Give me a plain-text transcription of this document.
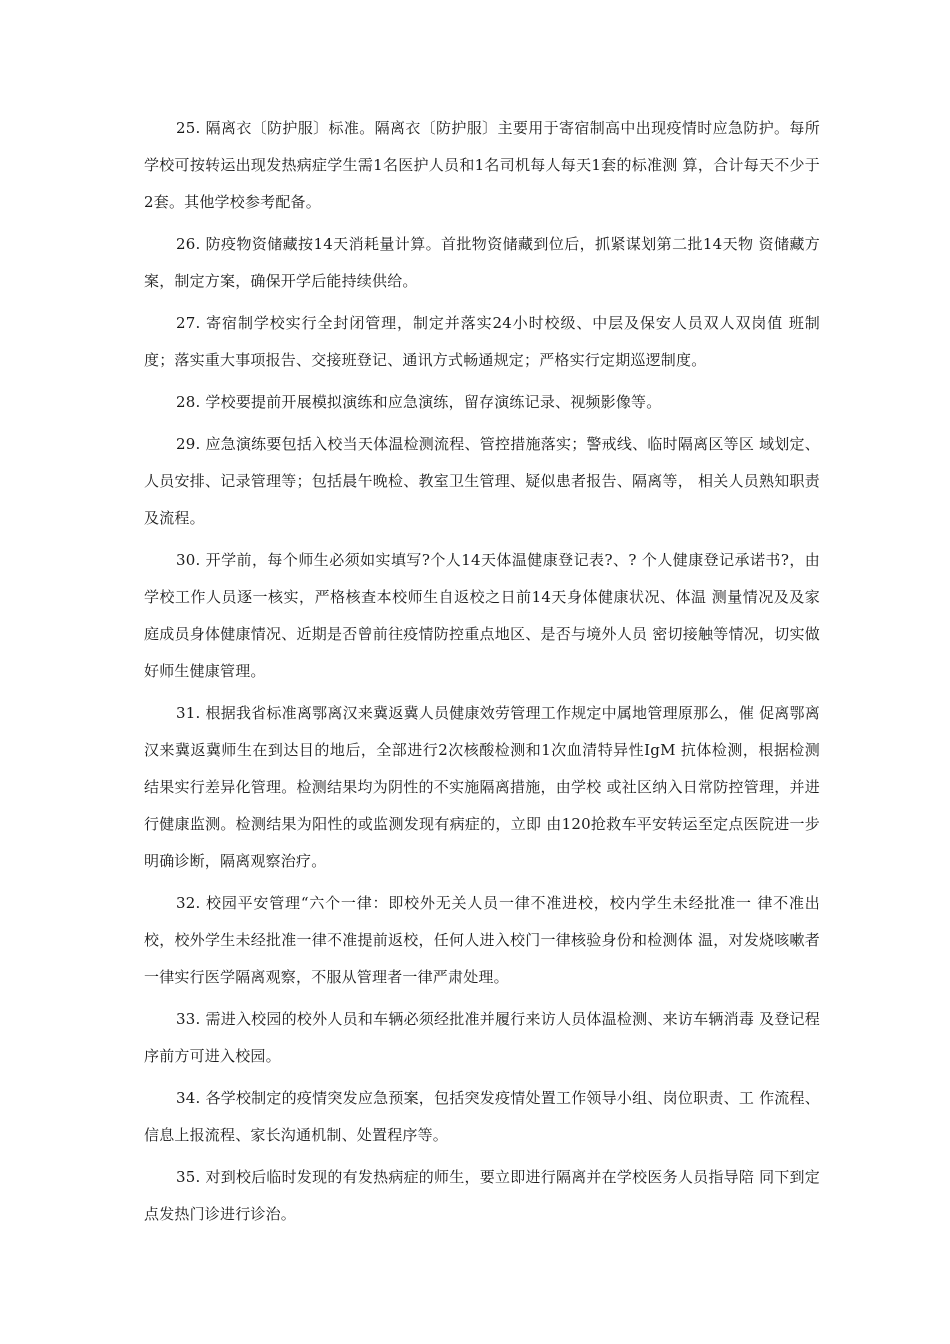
25. 隔离衣〔防护服〕标准。隔离衣〔防护服〕主要用于寄宿制高中出现疫情时应急防护。每所学校可按转运出现发热病症学生需1名医护人员和1名司机每人每天1套的标准测 算，合计每天不少于2套。其他学校参考配备。

26. 防疫物资储藏按14天消耗量计算。首批物资储藏到位后，抓紧谋划第二批14天物 资储藏方案，制定方案，确保开学后能持续供给。

27. 寄宿制学校实行全封闭管理，制定并落实24小时校级、中层及保安人员双人双岗值 班制度；落实重大事项报告、交接班登记、通讯方式畅通规定；严格实行定期巡逻制度。

28. 学校要提前开展模拟演练和应急演练，留存演练记录、视频影像等。

29. 应急演练要包括入校当天体温检测流程、管控措施落实；警戒线、临时隔离区等区 域划定、人员安排、记录管理等；包括晨午晚检、教室卫生管理、疑似患者报告、隔离等， 相关人员熟知职责及流程。

30. 开学前，每个师生必须如实填写?个人14天体温健康登记表?、? 个人健康登记承诺书?，由学校工作人员逐一核实，严格核查本校师生自返校之日前14天身体健康状况、体温 测量情况及及家庭成员身体健康情况、近期是否曾前往疫情防控重点地区、是否与境外人员 密切接触等情况，切实做好师生健康管理。

31. 根据我省标准离鄂离汉来冀返冀人员健康效劳管理工作规定中属地管理原那么，催 促离鄂离汉来冀返冀师生在到达目的地后，全部进行2次核酸检测和1次血清特异性IgM 抗体检测，根据检测结果实行差异化管理。检测结果均为阴性的不实施隔离措施，由学校 或社区纳入日常防控管理，并进行健康监测。检测结果为阳性的或监测发现有病症的，立即 由120抢救车平安转运至定点医院进一步明确诊断，隔离观察治疗。

32. 校园平安管理“六个一律：即校外无关人员一律不准进校，校内学生未经批准一 律不准出校，校外学生未经批准一律不准提前返校，任何人进入校门一律核验身份和检测体 温，对发烧咳嗽者一律实行医学隔离观察，不服从管理者一律严肃处理。

33. 需进入校园的校外人员和车辆必须经批准并履行来访人员体温检测、来访车辆消毒 及登记程序前方可进入校园。

34. 各学校制定的疫情突发应急预案，包括突发疫情处置工作领导小组、岗位职责、工 作流程、信息上报流程、家长沟通机制、处置程序等。

35. 对到校后临时发现的有发热病症的师生，要立即进行隔离并在学校医务人员指导陪 同下到定点发热门诊进行诊治。
